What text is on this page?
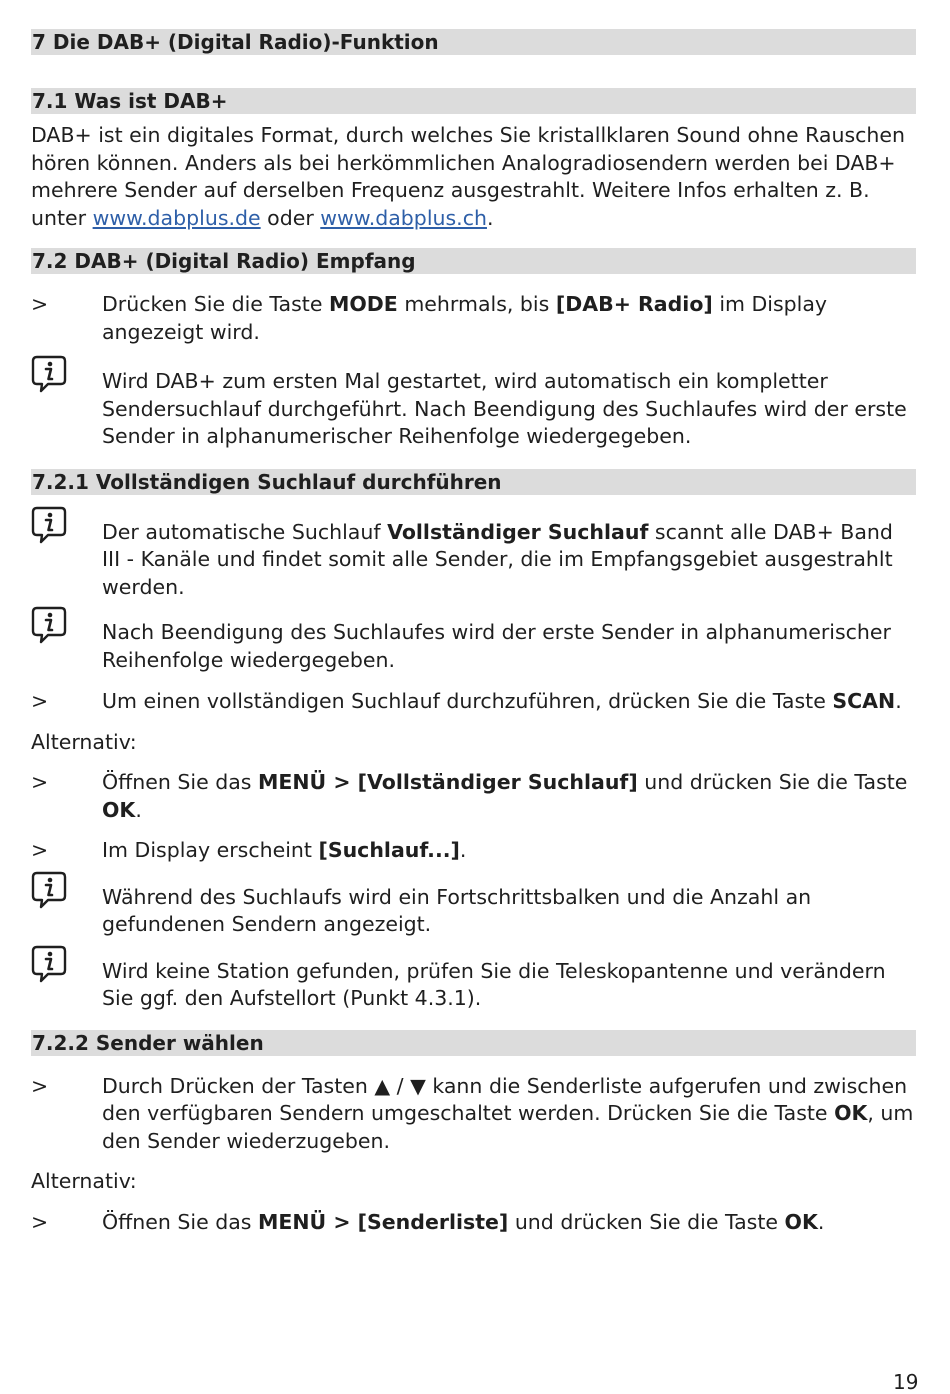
7 Die DAB+ (Digital Radio)-Funktion
7.1 Was ist DAB+

DAB+ ist ein digitales Format, durch welches Sie kristallklaren Sound ohne Rauschen hören können. Anders als bei herkömmlichen Analogradiosendern werden bei DAB+ mehrere Sender auf derselben Frequenz ausgestrahlt. Weitere Infos erhalten z. B. unter www.dabplus.de oder www.dabplus.ch.

7.2 DAB+ (Digital Radio) Empfang
>	Drücken Sie die Taste MODE mehrmals, bis [DAB+ Radio] im Display angezeigt wird.
Wird DAB+ zum ersten Mal gestartet, wird automatisch ein kompletter Sendersuchlauf durchgeführt. Nach Beendigung des Suchlaufes wird der erste Sender in alphanumerischer Reihenfolge wiedergegeben.
7.2.1 Vollständigen Suchlauf durchführen
Der automatische Suchlauf Vollständiger Suchlauf scannt alle DAB+ Band III - Kanäle und findet somit alle Sender, die im Empfangsgebiet ausgestrahlt werden.
Nach Beendigung des Suchlaufes wird der erste Sender in alphanumerischer Reihenfolge wiedergegeben.
>	Um einen vollständigen Suchlauf durchzuführen, drücken Sie die Taste SCAN.

Alternativ:

>	Öffnen Sie das MENÜ > [Vollständiger Suchlauf] und drücken Sie die Taste OK.
>	Im Display erscheint [Suchlauf...].
Während des Suchlaufs wird ein Fortschrittsbalken und die Anzahl an gefundenen Sendern angezeigt.
Wird keine Station gefunden, prüfen Sie die Teleskopantenne und verändern Sie ggf. den Aufstellort (Punkt 4.3.1).
7.2.2 Sender wählen
>	Durch Drücken der Tasten ▲ / ▼ kann die Senderliste aufgerufen und zwischen den verfügbaren Sendern umgeschaltet werden. Drücken Sie die Taste OK, um den Sender wiederzugeben.

Alternativ:

>	Öffnen Sie das MENÜ > [Senderliste] und drücken Sie die Taste OK.
19
